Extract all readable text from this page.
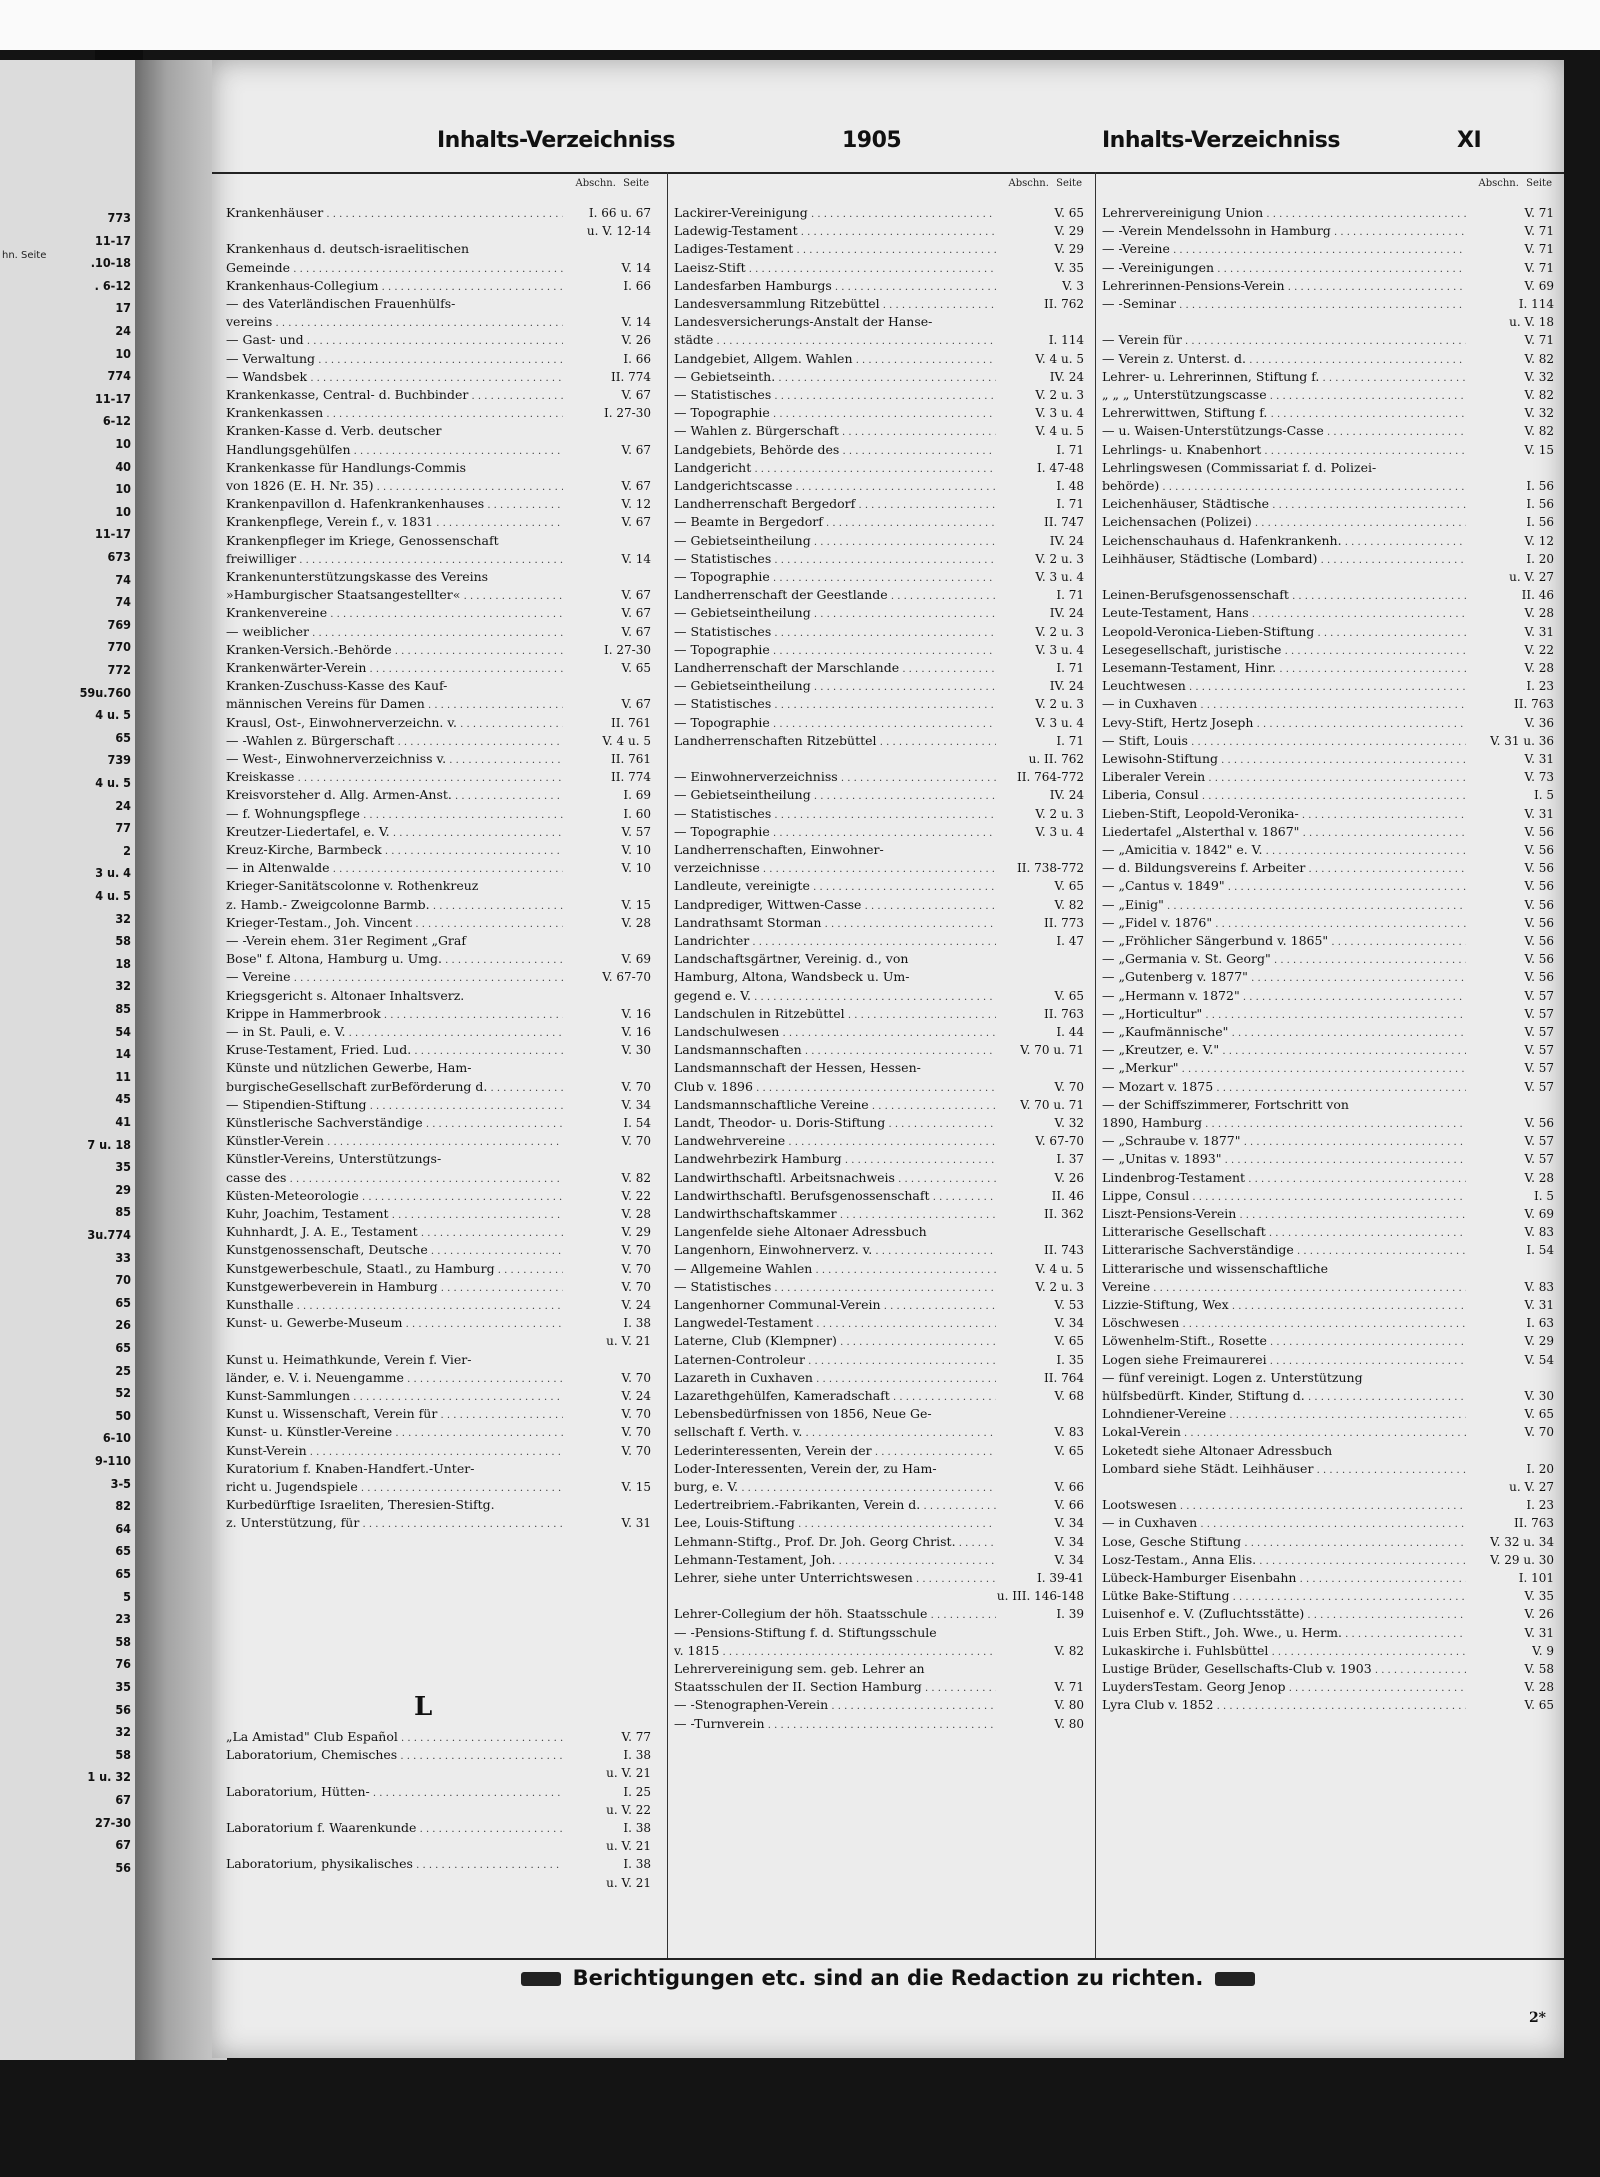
hn. Seite
773
11-17
.10-18
. 6-12
17
24
10
774
11-17
6-12
10
40
10
10
11-17
673
74
74
769
770
772
59u.760
4 u. 5
65
739
4 u. 5
24
77
2
3 u. 4
4 u. 5
32
58
18
32
85
54
14
11
45
41
7 u. 18
35
29
85
3u.774
33
70
65
26
65
25
52
50
6-10
9-110
3-5
82
64
65
65
5
23
58
76
35
56
32
58
1 u. 32
67
27-30
67
56
Inhalts-Verzeichniss	1905	Inhalts-Verzeichniss	XI
Abschn. Seite
Krankenhäuser . . .	I. 66 u. 67
u. V. 12-14
Krankenhaus d. deutsch-israelitischen
Gemeinde . . .	V. 14
Krankenhaus-Collegium . . .	I. 66
— des Vaterländischen Frauenhülfs-
vereins . . .	V. 14
— Gast- und . . .	V. 26
— Verwaltung . . .	I. 66
— Wandsbek . . .	II. 774
Krankenkasse, Central- d. Buchbinder . . .	V. 67
Krankenkassen . . .	I. 27-30
Kranken-Kasse d. Verb. deutscher
Handlungsgehülfen . . .	V. 67
Krankenkasse für Handlungs-Commis
von 1826 (E. H. Nr. 35) . . .	V. 67
Krankenpavillon d. Hafenkrankenhauses . . .	V. 12
Krankenpflege, Verein f., v. 1831 . . .	V. 67
Krankenpfleger im Kriege, Genossenschaft
freiwilliger . . .	V. 14
Krankenunterstützungskasse des Vereins
»Hamburgischer Staatsangestellter« . . .	V. 67
Krankenvereine . . .	V. 67
— weiblicher . . .	V. 67
Kranken-Versich.-Behörde . . .	I. 27-30
Krankenwärter-Verein . . .	V. 65
Kranken-Zuschuss-Kasse des Kauf-
männischen Vereins für Damen . . .	V. 67
Krausl, Ost-, Einwohnerverzeichn. v. . . .	II. 761
— -Wahlen z. Bürgerschaft . . .	V. 4 u. 5
— West-, Einwohnerverzeichniss v. . . .	II. 761
Kreiskasse . . .	II. 774
Kreisvorsteher d. Allg. Armen-Anst. . . .	I. 69
— f. Wohnungspflege . . .	I. 60
Kreutzer-Liedertafel, e. V. . . .	V. 57
Kreuz-Kirche, Barmbeck . . .	V. 10
— in Altenwalde . . .	V. 10
Krieger-Sanitätscolonne v. Rothenkreuz
z. Hamb.- Zweigcolonne Barmb. . . .	V. 15
Krieger-Testam., Joh. Vincent . . .	V. 28
— -Verein ehem. 31er Regiment „Graf
Bose" f. Altona, Hamburg u. Umg. . . .	V. 69
— Vereine . . .	V. 67-70
Kriegsgericht s. Altonaer Inhaltsverz.
Krippe in Hammerbrook . . .	V. 16
— in St. Pauli, e. V. . . .	V. 16
Kruse-Testament, Fried. Lud. . . .	V. 30
Künste und nützlichen Gewerbe, Ham-
burgischeGesellschaft zurBeförderung d. . . .	V. 70
— Stipendien-Stiftung . . .	V. 34
Künstlerische Sachverständige . . .	I. 54
Künstler-Verein . . .	V. 70
Künstler-Vereins, Unterstützungs-
casse des . . .	V. 82
Küsten-Meteorologie . . .	V. 22
Kuhr, Joachim, Testament . . .	V. 28
Kuhnhardt, J. A. E., Testament . . .	V. 29
Kunstgenossenschaft, Deutsche . . .	V. 70
Kunstgewerbeschule, Staatl., zu Hamburg . . .	V. 70
Kunstgewerbeverein in Hamburg . . .	V. 70
Kunsthalle . . .	V. 24
Kunst- u. Gewerbe-Museum . . .	I. 38
u. V. 21
Kunst u. Heimathkunde, Verein f. Vier-
länder, e. V. i. Neuengamme . . .	V. 70
Kunst-Sammlungen . . .	V. 24
Kunst u. Wissenschaft, Verein für . . .	V. 70
Kunst- u. Künstler-Vereine . . .	V. 70
Kunst-Verein . . .	V. 70
Kuratorium f. Knaben-Handfert.-Unter-
richt u. Jugendspiele . . .	V. 15
Kurbedürftige Israeliten, Theresien-Stiftg.
z. Unterstützung, für . . .	V. 31
„La Amistad" Club Español . . .	V. 77
Laboratorium, Chemisches . . .	I. 38
u. V. 21
Laboratorium, Hütten- . . .	I. 25
u. V. 22
Laboratorium f. Waarenkunde . . .	I. 38
u. V. 21
Laboratorium, physikalisches . . .	I. 38
u. V. 21
Abschn. Seite
Lackirer-Vereinigung . . .	V. 65
Ladewig-Testament . . .	V. 29
Ladiges-Testament . . .	V. 29
Laeisz-Stift . . .	V. 35
Landesfarben Hamburgs . . .	V. 3
Landesversammlung Ritzebüttel . . .	II. 762
Landesversicherungs-Anstalt der Hanse-
städte . . .	I. 114
Landgebiet, Allgem. Wahlen . . .	V. 4 u. 5
— Gebietseinth. . . .	IV. 24
— Statistisches . . .	V. 2 u. 3
— Topographie . . .	V. 3 u. 4
— Wahlen z. Bürgerschaft . . .	V. 4 u. 5
Landgebiets, Behörde des . . .	I. 71
Landgericht . . .	I. 47-48
Landgerichtscasse . . .	I. 48
Landherrenschaft Bergedorf . . .	I. 71
— Beamte in Bergedorf . . .	II. 747
— Gebietseintheilung . . .	IV. 24
— Statistisches . . .	V. 2 u. 3
— Topographie . . .	V. 3 u. 4
Landherrenschaft der Geestlande . . .	I. 71
— Gebietseintheilung . . .	IV. 24
— Statistisches . . .	V. 2 u. 3
— Topographie . . .	V. 3 u. 4
Landherrenschaft der Marschlande . . .	I. 71
— Gebietseintheilung . . .	IV. 24
— Statistisches . . .	V. 2 u. 3
— Topographie . . .	V. 3 u. 4
Landherrenschaften Ritzebüttel . . .	I. 71
u. II. 762
— Einwohnerverzeichniss . . .	II. 764-772
— Gebietseintheilung . . .	IV. 24
— Statistisches . . .	V. 2 u. 3
— Topographie . . .	V. 3 u. 4
Landherrenschaften, Einwohner-
verzeichnisse . . .	II. 738-772
Landleute, vereinigte . . .	V. 65
Landprediger, Wittwen-Casse . . .	V. 82
Landrathsamt Storman . . .	II. 773
Landrichter . . .	I. 47
Landschaftsgärtner, Vereinig. d., von
Hamburg, Altona, Wandsbeck u. Um-
gegend e. V. . . .	V. 65
Landschulen in Ritzebüttel . . .	II. 763
Landschulwesen . . .	I. 44
Landsmannschaften . . .	V. 70 u. 71
Landsmannschaft der Hessen, Hessen-
Club v. 1896 . . .	V. 70
Landsmannschaftliche Vereine . . .	V. 70 u. 71
Landt, Theodor- u. Doris-Stiftung . . .	V. 32
Landwehrvereine . . .	V. 67-70
Landwehrbezirk Hamburg . . .	I. 37
Landwirthschaftl. Arbeitsnachweis . . .	V. 26
Landwirthschaftl. Berufsgenossenschaft . . .	II. 46
Landwirthschaftskammer . . .	II. 362
Langenfelde siehe Altonaer Adressbuch
Langenhorn, Einwohnerverz. v. . . .	II. 743
— Allgemeine Wahlen . . .	V. 4 u. 5
— Statistisches . . .	V. 2 u. 3
Langenhorner Communal-Verein . . .	V. 53
Langwedel-Testament . . .	V. 34
Laterne, Club (Klempner) . . .	V. 65
Laternen-Controleur . . .	I. 35
Lazareth in Cuxhaven . . .	II. 764
Lazarethgehülfen, Kameradschaft . . .	V. 68
Lebensbedürfnissen von 1856, Neue Ge-
sellschaft f. Verth. v. . . .	V. 83
Lederinteressenten, Verein der . . .	V. 65
Loder-Interessenten, Verein der, zu Ham-
burg, e. V. . . .	V. 66
Ledertreibriem.-Fabrikanten, Verein d. . . .	V. 66
Lee, Louis-Stiftung . . .	V. 34
Lehmann-Stiftg., Prof. Dr. Joh. Georg Christ. . . .	V. 34
Lehmann-Testament, Joh. . . .	V. 34
Lehrer, siehe unter Unterrichtswesen . . .	I. 39-41
u. III. 146-148
Lehrer-Collegium der höh. Staatsschule . . .	I. 39
— -Pensions-Stiftung f. d. Stiftungsschule
v. 1815 . . .	V. 82
Lehrervereinigung sem. geb. Lehrer an
Staatsschulen der II. Section Hamburg . . .	V. 71
— -Stenographen-Verein . . .	V. 80
— -Turnverein . . .	V. 80
Abschn. Seite
Lehrervereinigung Union . . .	V. 71
— -Verein Mendelssohn in Hamburg . . .	V. 71
— -Vereine . . .	V. 71
— -Vereinigungen . . .	V. 71
Lehrerinnen-Pensions-Verein . . .	V. 69
— -Seminar . . .	I. 114
u. V. 18
— Verein für . . .	V. 71
— Verein z. Unterst. d. . . .	V. 82
Lehrer- u. Lehrerinnen, Stiftung f. . . .	V. 32
„ „ „ Unterstützungscasse . . .	V. 82
Lehrerwittwen, Stiftung f. . . .	V. 32
— u. Waisen-Unterstützungs-Casse . . .	V. 82
Lehrlings- u. Knabenhort . . .	V. 15
Lehrlingswesen (Commissariat f. d. Polizei-
behörde) . . .	I. 56
Leichenhäuser, Städtische . . .	I. 56
Leichensachen (Polizei) . . .	I. 56
Leichenschauhaus d. Hafenkrankenh. . . .	V. 12
Leihhäuser, Städtische (Lombard) . . .	I. 20
u. V. 27
Leinen-Berufsgenossenschaft . . .	II. 46
Leute-Testament, Hans . . .	V. 28
Leopold-Veronica-Lieben-Stiftung . . .	V. 31
Lesegesellschaft, juristische . . .	V. 22
Lesemann-Testament, Hinr. . . .	V. 28
Leuchtwesen . . .	I. 23
— in Cuxhaven . . .	II. 763
Levy-Stift, Hertz Joseph . . .	V. 36
— Stift, Louis . . .	V. 31 u. 36
Lewisohn-Stiftung . . .	V. 31
Liberaler Verein . . .	V. 73
Liberia, Consul . . .	I. 5
Lieben-Stift, Leopold-Veronika- . . .	V. 31
Liedertafel „Alsterthal v. 1867" . . .	V. 56
— „Amicitia v. 1842" e. V. . . .	V. 56
— d. Bildungsvereins f. Arbeiter . . .	V. 56
— „Cantus v. 1849" . . .	V. 56
— „Einig" . . .	V. 56
— „Fidel v. 1876" . . .	V. 56
— „Fröhlicher Sängerbund v. 1865" . . .	V. 56
— „Germania v. St. Georg" . . .	V. 56
— „Gutenberg v. 1877" . . .	V. 56
— „Hermann v. 1872" . . .	V. 57
— „Horticultur" . . .	V. 57
— „Kaufmännische" . . .	V. 57
— „Kreutzer, e. V." . . .	V. 57
— „Merkur" . . .	V. 57
— Mozart v. 1875 . . .	V. 57
— der Schiffszimmerer, Fortschritt von
1890, Hamburg . . .	V. 56
— „Schraube v. 1877" . . .	V. 57
— „Unitas v. 1893" . . .	V. 57
Lindenbrog-Testament . . .	V. 28
Lippe, Consul . . .	I. 5
Liszt-Pensions-Verein . . .	V. 69
Litterarische Gesellschaft . . .	V. 83
Litterarische Sachverständige . . .	I. 54
Litterarische und wissenschaftliche
Vereine . . .	V. 83
Lizzie-Stiftung, Wex . . .	V. 31
Löschwesen . . .	I. 63
Löwenhelm-Stift., Rosette . . .	V. 29
Logen siehe Freimaurerei . . .	V. 54
— fünf vereinigt. Logen z. Unterstützung
hülfsbedürft. Kinder, Stiftung d. . . .	V. 30
Lohndiener-Vereine . . .	V. 65
Lokal-Verein . . .	V. 70
Loketedt siehe Altonaer Adressbuch
Lombard siehe Städt. Leihhäuser . . .	I. 20
u. V. 27
Lootswesen . . .	I. 23
— in Cuxhaven . . .	II. 763
Lose, Gesche Stiftung . . .	V. 32 u. 34
Losz-Testam., Anna Elis. . . .	V. 29 u. 30
Lübeck-Hamburger Eisenbahn . . .	I. 101
Lütke Bake-Stiftung . . .	V. 35
Luisenhof e. V. (Zufluchtsstätte) . . .	V. 26
Luis Erben Stift., Joh. Wwe., u. Herm. . . .	V. 31
Lukaskirche i. Fuhlsbüttel . . .	V. 9
Lustige Brüder, Gesellschafts-Club v. 1903 . . .	V. 58
LuydersTestam. Georg Jenop . . .	V. 28
Lyra Club v. 1852 . . .	V. 65
L
Berichtigungen etc. sind an die Redaction zu richten.
2*
